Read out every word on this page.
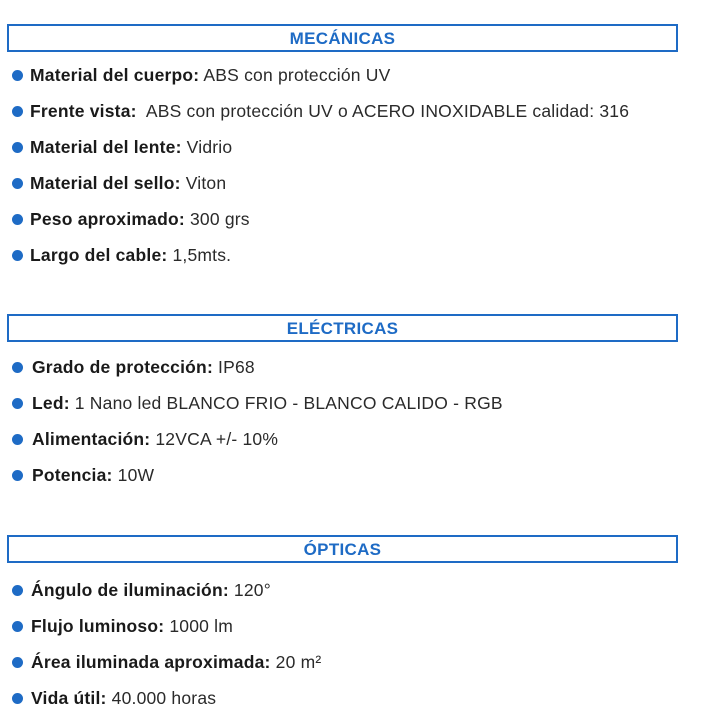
MECÁNICAS
Material del cuerpo: ABS con protección UV
Frente vista:  ABS con protección UV o ACERO INOXIDABLE calidad: 316
Material del lente: Vidrio
Material del sello: Viton
Peso aproximado: 300 grs
Largo del cable: 1,5mts.
ELÉCTRICAS
Grado de protección: IP68
Led: 1 Nano led BLANCO FRIO - BLANCO CALIDO - RGB
Alimentación: 12VCA +/- 10%
Potencia: 10W
ÓPTICAS
Ángulo de iluminación: 120°
Flujo luminoso: 1000 lm
Área iluminada aproximada: 20 m²
Vida útil: 40.000 horas
